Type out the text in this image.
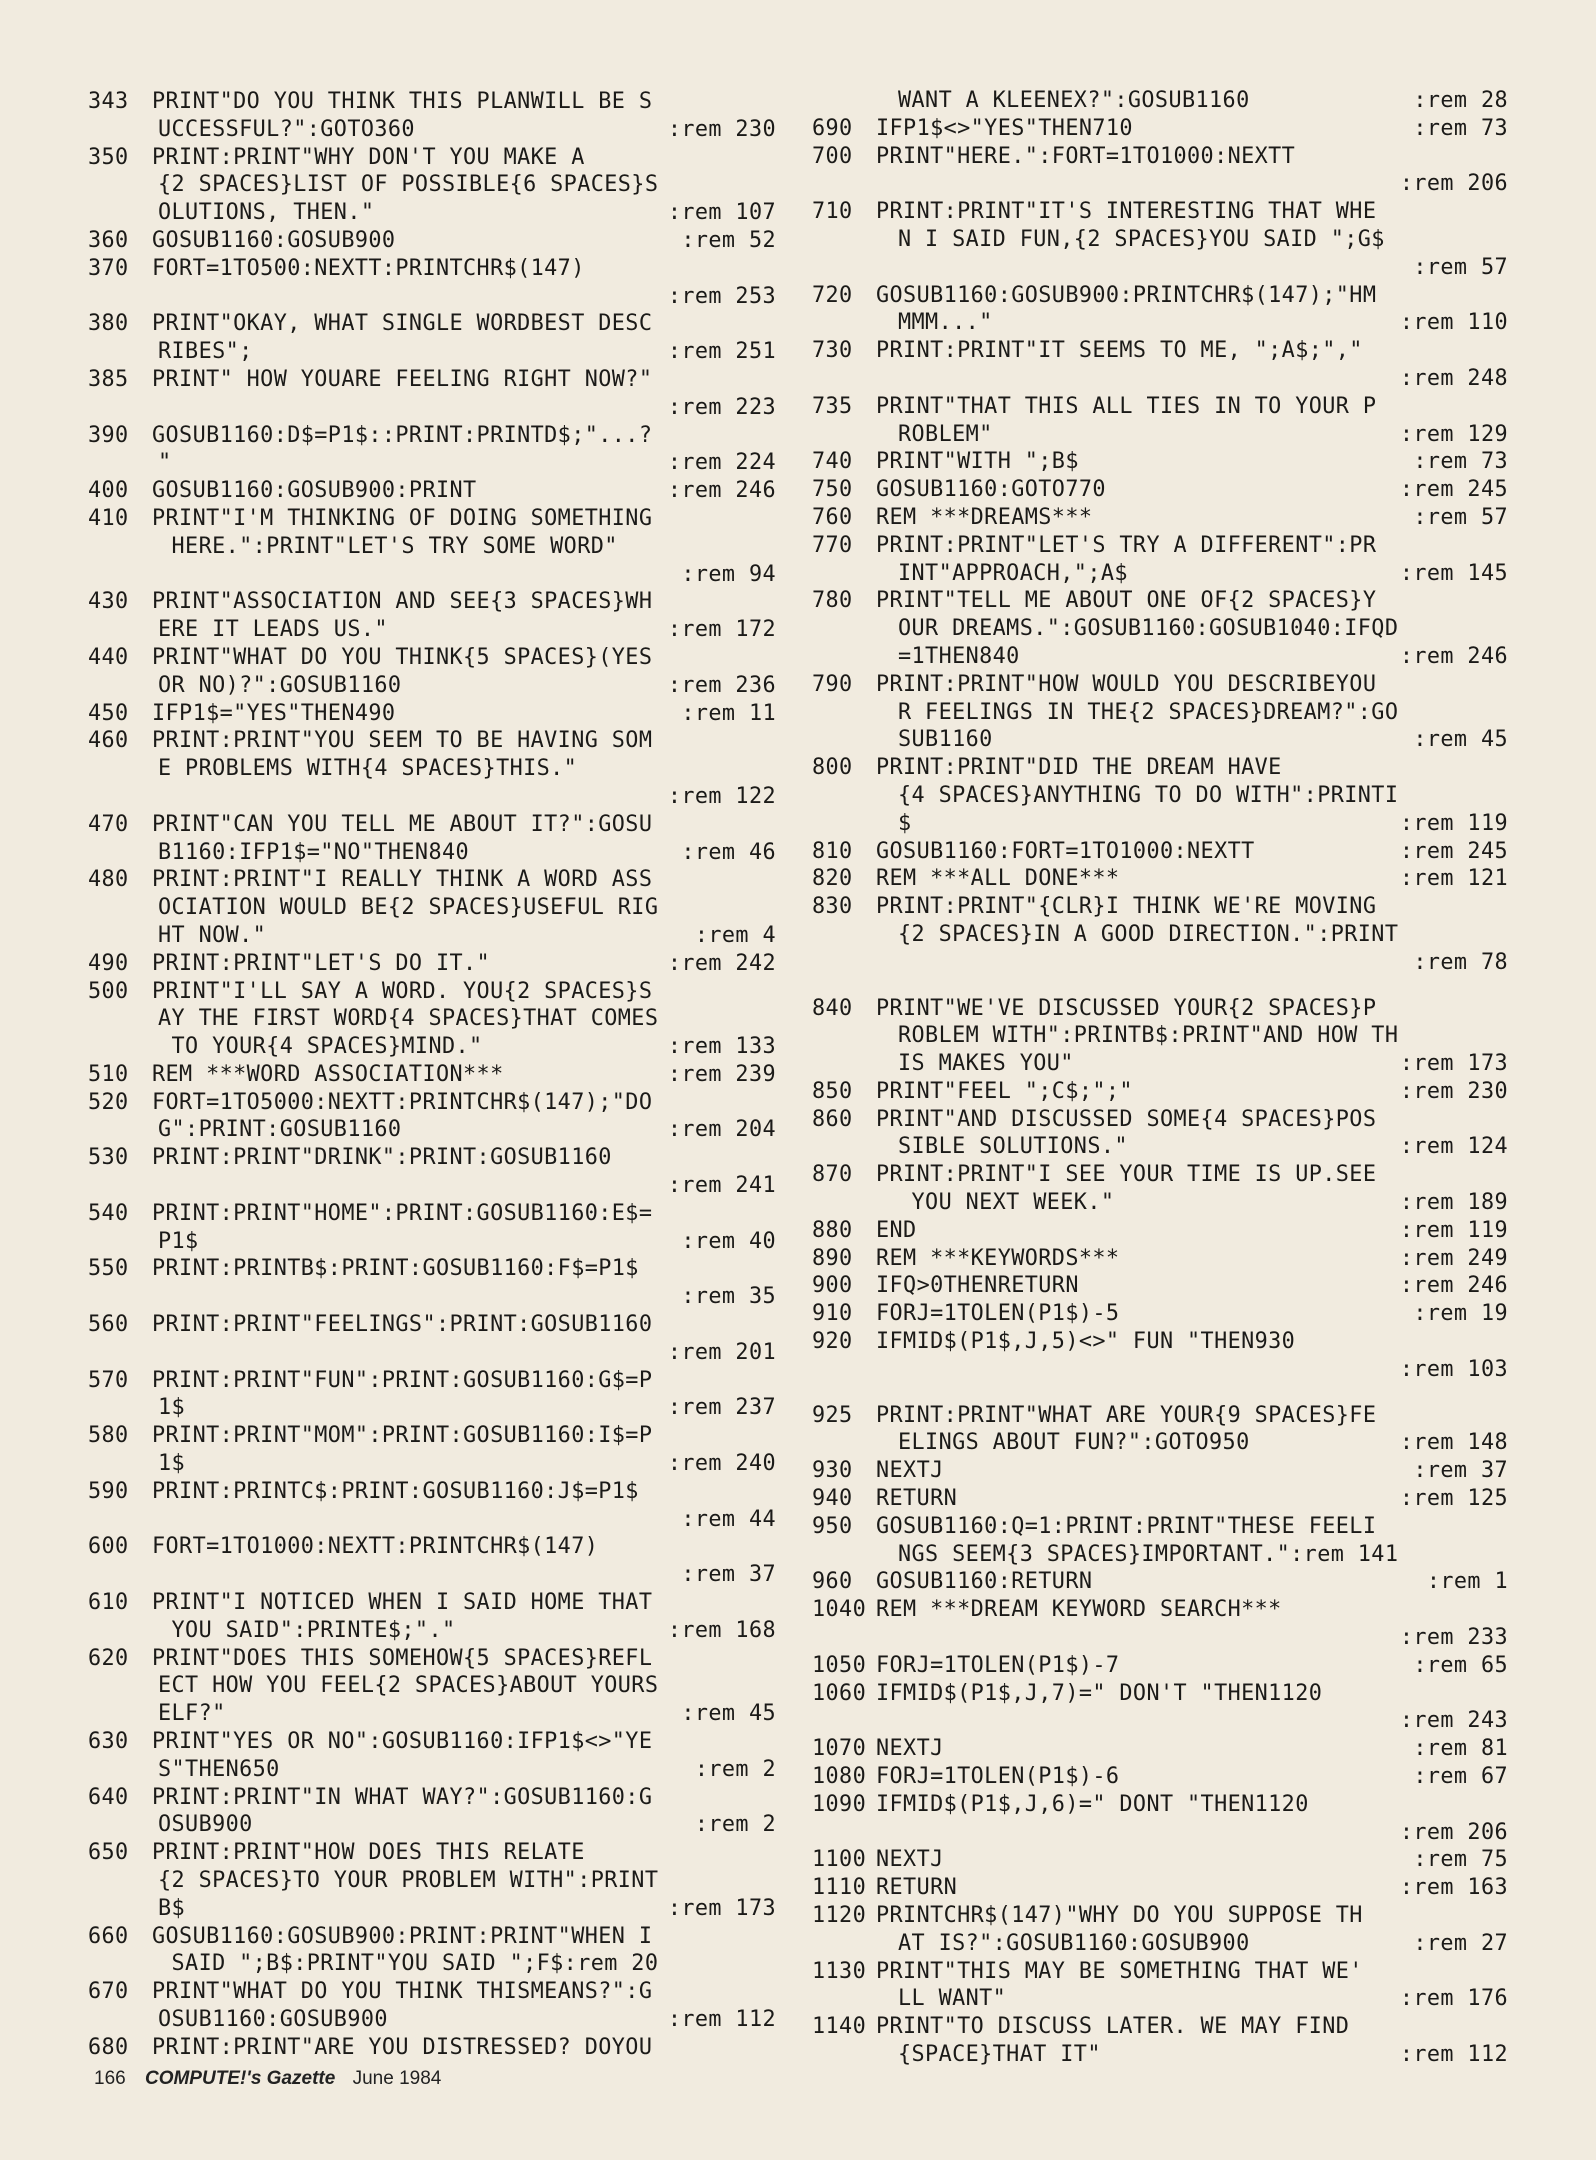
343 PRINT"DO YOU THINK THIS PLANWILL BE S
UCCESSFUL?":GOTO360	:rem 230
350 PRINT:PRINT"WHY DON'T YOU MAKE A
{2 SPACES}LIST OF POSSIBLE{6 SPACES}S
OLUTIONS, THEN."	:rem 107
360 GOSUB1160:GOSUB900	:rem 52
370 FORT=1TO500:NEXTT:PRINTCHR$(147)
:rem 253
380 PRINT"OKAY, WHAT SINGLE WORDBEST DESC
RIBES";	:rem 251
385 PRINT" HOW YOUARE FEELING RIGHT NOW?"
:rem 223
390 GOSUB1160:D$=P1$::PRINT:PRINTD$;"...?
"	:rem 224
400 GOSUB1160:GOSUB900:PRINT	:rem 246
410 PRINT"I'M THINKING OF DOING SOMETHING
HERE.":PRINT"LET'S TRY SOME WORD"
:rem 94
430 PRINT"ASSOCIATION AND SEE{3 SPACES}WH
ERE IT LEADS US."	:rem 172
440 PRINT"WHAT DO YOU THINK{5 SPACES}(YES
OR NO)?":GOSUB1160	:rem 236
450 IFP1$="YES"THEN490	:rem 11
460 PRINT:PRINT"YOU SEEM TO BE HAVING SOM
E PROBLEMS WITH{4 SPACES}THIS."
:rem 122
470 PRINT"CAN YOU TELL ME ABOUT IT?":GOSU
B1160:IFP1$="NO"THEN840	:rem 46
480 PRINT:PRINT"I REALLY THINK A WORD ASS
OCIATION WOULD BE{2 SPACES}USEFUL RIG
HT NOW."	:rem 4
490 PRINT:PRINT"LET'S DO IT."	:rem 242
500 PRINT"I'LL SAY A WORD. YOU{2 SPACES}S
AY THE FIRST WORD{4 SPACES}THAT COMES
TO YOUR{4 SPACES}MIND."	:rem 133
510 REM ***WORD ASSOCIATION***	:rem 239
520 FORT=1TO5000:NEXTT:PRINTCHR$(147);"DO
G":PRINT:GOSUB1160	:rem 204
530 PRINT:PRINT"DRINK":PRINT:GOSUB1160
:rem 241
540 PRINT:PRINT"HOME":PRINT:GOSUB1160:E$=
P1$	:rem 40
550 PRINT:PRINTB$:PRINT:GOSUB1160:F$=P1$
:rem 35
560 PRINT:PRINT"FEELINGS":PRINT:GOSUB1160
:rem 201
570 PRINT:PRINT"FUN":PRINT:GOSUB1160:G$=P
1$	:rem 237
580 PRINT:PRINT"MOM":PRINT:GOSUB1160:I$=P
1$	:rem 240
590 PRINT:PRINTC$:PRINT:GOSUB1160:J$=P1$
:rem 44
600 FORT=1TO1000:NEXTT:PRINTCHR$(147)
:rem 37
610 PRINT"I NOTICED WHEN I SAID HOME THAT
YOU SAID":PRINTE$;"."	:rem 168
620 PRINT"DOES THIS SOMEHOW{5 SPACES}REFL
ECT HOW YOU FEEL{2 SPACES}ABOUT YOURS
ELF?"	:rem 45
630 PRINT"YES OR NO":GOSUB1160:IFP1$<>"YE
S"THEN650	:rem 2
640 PRINT:PRINT"IN WHAT WAY?":GOSUB1160:G
OSUB900	:rem 2
650 PRINT:PRINT"HOW DOES THIS RELATE
{2 SPACES}TO YOUR PROBLEM WITH":PRINT
B$	:rem 173
660 GOSUB1160:GOSUB900:PRINT:PRINT"WHEN I
SAID ";B$:PRINT"YOU SAID ";F$:rem 20
670 PRINT"WHAT DO YOU THINK THISMEANS?":G
OSUB1160:GOSUB900	:rem 112
680 PRINT:PRINT"ARE YOU DISTRESSED? DOYOU
WANT A KLEENEX?":GOSUB1160	:rem 28
690 IFP1$<>"YES"THEN710	:rem 73
700 PRINT"HERE.":FORT=1TO1000:NEXTT
:rem 206
710 PRINT:PRINT"IT'S INTERESTING THAT WHE
N I SAID FUN,{2 SPACES}YOU SAID ";G$
:rem 57
720 GOSUB1160:GOSUB900:PRINTCHR$(147);"HM
MMM..."	:rem 110
730 PRINT:PRINT"IT SEEMS TO ME, ";A$;","
:rem 248
735 PRINT"THAT THIS ALL TIES IN TO YOUR P
ROBLEM"	:rem 129
740 PRINT"WITH ";B$	:rem 73
750 GOSUB1160:GOTO770	:rem 245
760 REM ***DREAMS***	:rem 57
770 PRINT:PRINT"LET'S TRY A DIFFERENT":PR
INT"APPROACH,";A$	:rem 145
780 PRINT"TELL ME ABOUT ONE OF{2 SPACES}Y
OUR DREAMS.":GOSUB1160:GOSUB1040:IFQD
=1THEN840	:rem 246
790 PRINT:PRINT"HOW WOULD YOU DESCRIBEYOU
R FEELINGS IN THE{2 SPACES}DREAM?":GO
SUB1160	:rem 45
800 PRINT:PRINT"DID THE DREAM HAVE
{4 SPACES}ANYTHING TO DO WITH":PRINTI
$	:rem 119
810 GOSUB1160:FORT=1TO1000:NEXTT	:rem 245
820 REM ***ALL DONE***	:rem 121
830 PRINT:PRINT"{CLR}I THINK WE'RE MOVING
{2 SPACES}IN A GOOD DIRECTION.":PRINT
:rem 78
840 PRINT"WE'VE DISCUSSED YOUR{2 SPACES}P
ROBLEM WITH":PRINTB$:PRINT"AND HOW TH
IS MAKES YOU"	:rem 173
850 PRINT"FEEL ";C$;";"	:rem 230
860 PRINT"AND DISCUSSED SOME{4 SPACES}POS
SIBLE SOLUTIONS."	:rem 124
870 PRINT:PRINT"I SEE YOUR TIME IS UP.SEE
YOU NEXT WEEK."	:rem 189
880 END	:rem 119
890 REM ***KEYWORDS***	:rem 249
900 IFQ>0THENRETURN	:rem 246
910 FORJ=1TOLEN(P1$)-5	:rem 19
920 IFMID$(P1$,J,5)<>" FUN "THEN930
:rem 103
925 PRINT:PRINT"WHAT ARE YOUR{9 SPACES}FE
ELINGS ABOUT FUN?":GOTO950	:rem 148
930 NEXTJ	:rem 37
940 RETURN	:rem 125
950 GOSUB1160:Q=1:PRINT:PRINT"THESE FEELI
NGS SEEM{3 SPACES}IMPORTANT.":rem 141
960 GOSUB1160:RETURN	:rem 1
1040 REM ***DREAM KEYWORD SEARCH***
:rem 233
1050 FORJ=1TOLEN(P1$)-7	:rem 65
1060 IFMID$(P1$,J,7)=" DON'T "THEN1120
:rem 243
1070 NEXTJ	:rem 81
1080 FORJ=1TOLEN(P1$)-6	:rem 67
1090 IFMID$(P1$,J,6)=" DONT "THEN1120
:rem 206
1100 NEXTJ	:rem 75
1110 RETURN	:rem 163
1120 PRINTCHR$(147)"WHY DO YOU SUPPOSE TH
AT IS?":GOSUB1160:GOSUB900	:rem 27
1130 PRINT"THIS MAY BE SOMETHING THAT WE'
LL WANT"	:rem 176
1140 PRINT"TO DISCUSS LATER. WE MAY FIND
{SPACE}THAT IT"	:rem 112
166 COMPUTE!'s Gazette June 1984
